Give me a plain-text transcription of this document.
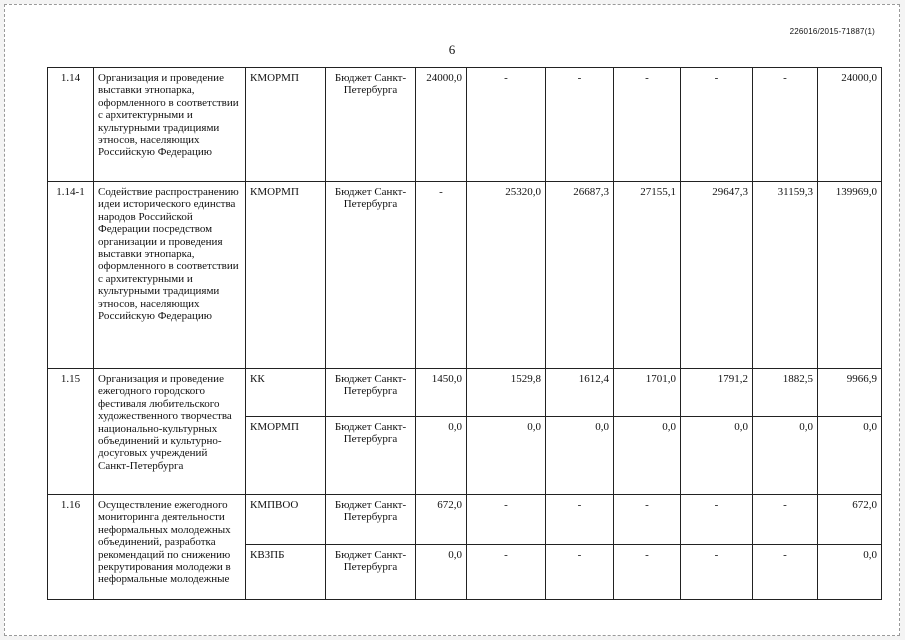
226016/2015-71887(1)
6
1.14	Организация и проведение выставки этнопарка, оформленного в соответствии с архитектурными и культурными традициями этносов, населяющих Российскую Федерацию	КМОРМП	Бюджет Санкт-Петербурга	24000,0	-	-	-	-	-	24000,0
1.14-1	Содействие распространению идеи исторического единства народов Российской Федерации посредством организации и проведения выставки этнопарка, оформленного в соответствии с архитектурными и культурными традициями этносов, населяющих Российскую Федерацию	КМОРМП	Бюджет Санкт-Петербурга	-	25320,0	26687,3	27155,1	29647,3	31159,3	139969,0
1.15	Организация и проведение ежегодного городского фестиваля любительского художественного творчества национально-культурных объединений и культурно-досуговых учреждений Санкт-Петербурга	КК	Бюджет Санкт-Петербурга	1450,0	1529,8	1612,4	1701,0	1791,2	1882,5	9966,9
		КМОРМП	Бюджет Санкт-Петербурга	0,0	0,0	0,0	0,0	0,0	0,0	0,0
1.16	Осуществление ежегодного мониторинга деятельности неформальных молодежных объединений, разработка рекомендаций по снижению рекрутирования молодежи в неформальные молодежные	КМПВОО	Бюджет Санкт-Петербурга	672,0	-	-	-	-	-	672,0
		КВЗПБ	Бюджет Санкт-Петербурга	0,0	-	-	-	-	-	0,0
